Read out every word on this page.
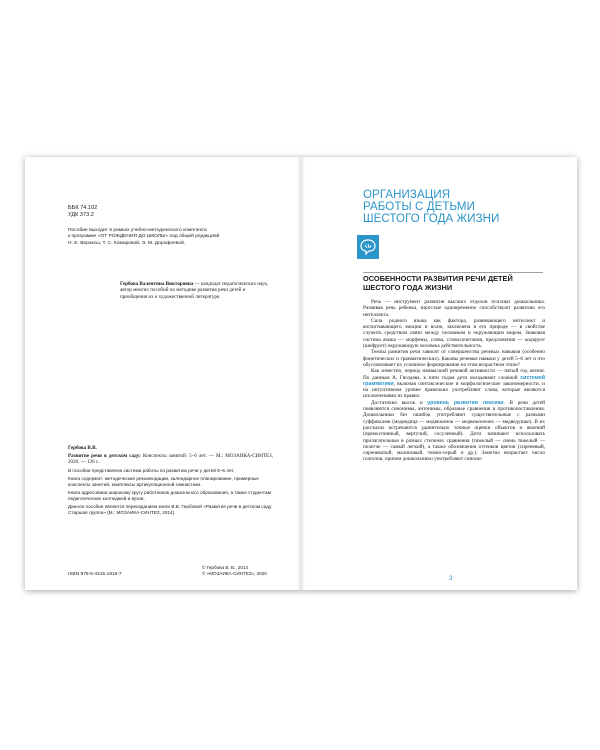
ББК 74.102
УДК 373.2
Пособие выходит в рамках учебно-методического комплекта
к программе «ОТ РОЖДЕНИЯ ДО ШКОЛЫ» под общей редакцией
Н. Е. Вераксы, Т. С. Комаровой, Э. М. Дорофеевой.
Гербова Валентина Викторовна — кандидат педагогических наук, автор многих пособий по методике развития речи детей и приобщения их к художественной литературе.

Гербова В.В.

Развитие речи в детском саду: Конспекты занятий: 5–6 лет. — М.: МОЗАИКА-СИНТЕЗ, 2020. — 136 с.

В пособии представлена система работы по развитию речи у детей 5–6 лет.

Книга содержит: методические рекомендации, календарное планирование, примерные конспекты занятий, комплексы артикуляционной гимнастики.

Книга адресована широкому кругу работников дошкольного образования, а также студентам педагогических колледжей и вузов.

Данное пособие является переизданием книги В.В. Гербовой «Развитие речи в детском саду. Старшая группа» (М.: МОЗАИКА-СИНТЕЗ, 2014).

ISBN 978-5-4315-1815-7
© Гербова В. В., 2014
© «МОЗАИКА-СИНТЕЗ», 2020
ОРГАНИЗАЦИЯ
РАБОТЫ С ДЕТЬМИ
ШЕСТОГО ГОДА ЖИЗНИ
ОСОБЕННОСТИ РАЗВИТИЯ РЕЧИ ДЕТЕЙ
ШЕСТОГО ГОДА ЖИЗНИ

Речь — инструмент развития высших отделов психики дошкольника. Развивая речь ребенка, взрослые одновременно способствуют развитию его интеллекта.

Сила родного языка как фактора, развивающего интеллект и воспитывающего эмоции и волю, заключена в его природе — в свойстве служить средством связи между человеком и окружающим миром. Знаковая система языка — морфемы, слова, словосочетания, предложения — кодирует (шифрует) окружающую человека действительность.

Темпы развития речи зависят от совершенства речевых навыков (особенно фонетических и грамматических). Каковы речевые навыки у детей 5–6 лет и что обусловливает их успешное формирование на этом возрастном этапе?

Как известно, период наивысшей речевой активности — пятый год жизни. По данным А. Гвоздева, к пяти годам дети овладевают сложной системой грамматики, включая синтаксические и морфологические закономерности, и на интуитивном уровне правильно употребляют слова, которые являются исключениями из правил.

Достаточно высок и уровень развития лексики. В речи детей появляются синонимы, антонимы, образные сравнения и противопоставления. Дошкольники без ошибок употребляют существительные с разными суффиксами (медведица — медвежонок — медвежоночек — медведушко). В их рассказах встречаются удивительно точные оценки объектов и явлений (прямоспинный, вертучий, сосулечный). Дети начинают использовать прилагательные в разных степенях сравнения (тяжелый — очень тяжелый — полегче — самый легкий), а также обозначения оттенков цветов (сиреневый, сиреневатый, малиновый, темно-серый и др.). Заметно возрастает число глаголов, причем дошкольники употребляют синони-

3
